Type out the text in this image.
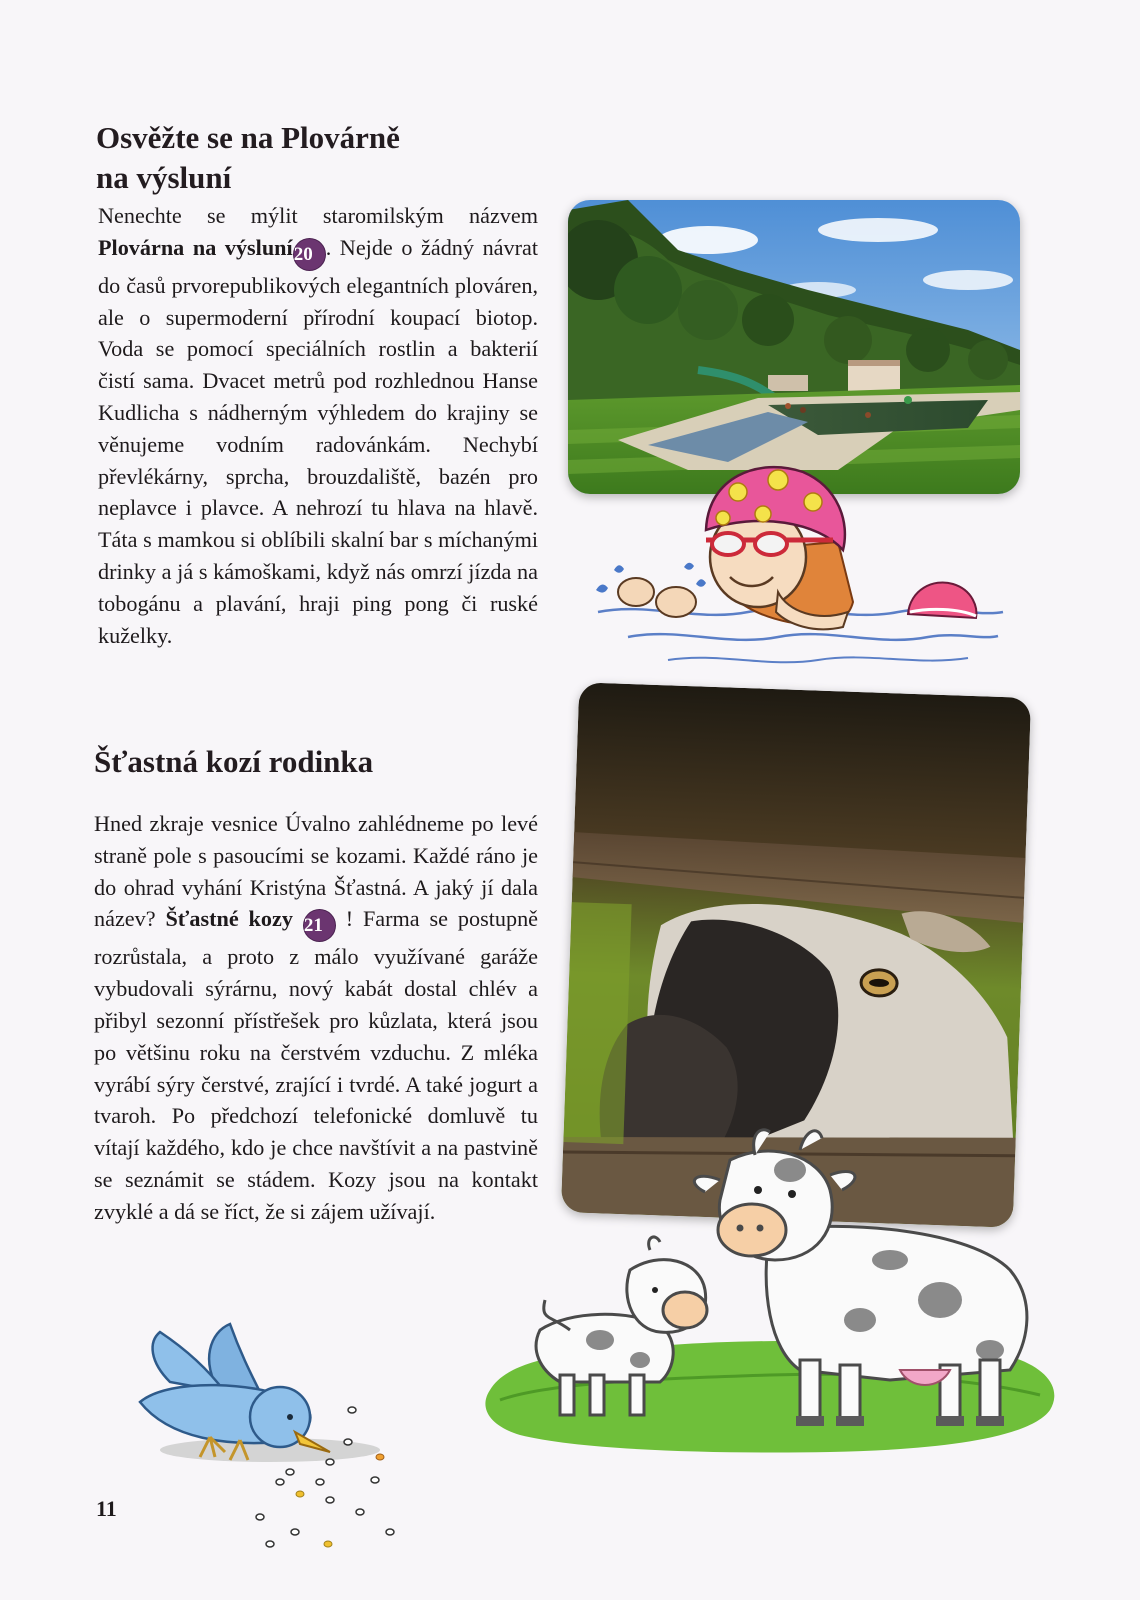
Osvěžte se na Plovárně
na výsluní

Nenechte se mýlit staromilským názvem Plovárna na výsluní20 . Nejde o žádný návrat do časů prvorepublikových elegantních plováren, ale o supermoderní přírodní koupací biotop. Voda se pomocí speciálních rostlin a bakterií čistí sama. Dvacet metrů pod rozhlednou Hanse Kudlicha s nádherným výhledem do krajiny se věnujeme vodním radovánkám. Nechybí převlékárny, sprcha, brouzdaliště, bazén pro neplavce i plavce. A nehrozí tu hlava na hlavě. Táta s mamkou si oblíbili skalní bar s míchanými drinky a já s kámoškami, když nás omrzí jízda na tobogánu a plavání, hraji ping pong či ruské kuželky.

Šťastná kozí rodinka

Hned zkraje vesnice Úvalno zahlédneme po levé straně pole s pasoucími se kozami. Každé ráno je do ohrad vyhání Kristýna Šťastná. A jaký jí dala název? Šťastné kozy 21 ! Farma se postupně rozrůstala, a proto z málo využívané garáže vybudovali sýrárnu, nový kabát dostal chlév a přibyl sezonní přístřešek pro kůzlata, která jsou po většinu roku na čerstvém vzduchu. Z mléka vyrábí sýry čerstvé, zrající i tvrdé. A také jogurt a tvaroh. Po předchozí telefonické domluvě tu vítají každého, kdo je chce navštívit a na pastvině se seznámit se stádem. Kozy jsou na kontakt zvyklé a dá se říct, že si zájem užívají.

11
